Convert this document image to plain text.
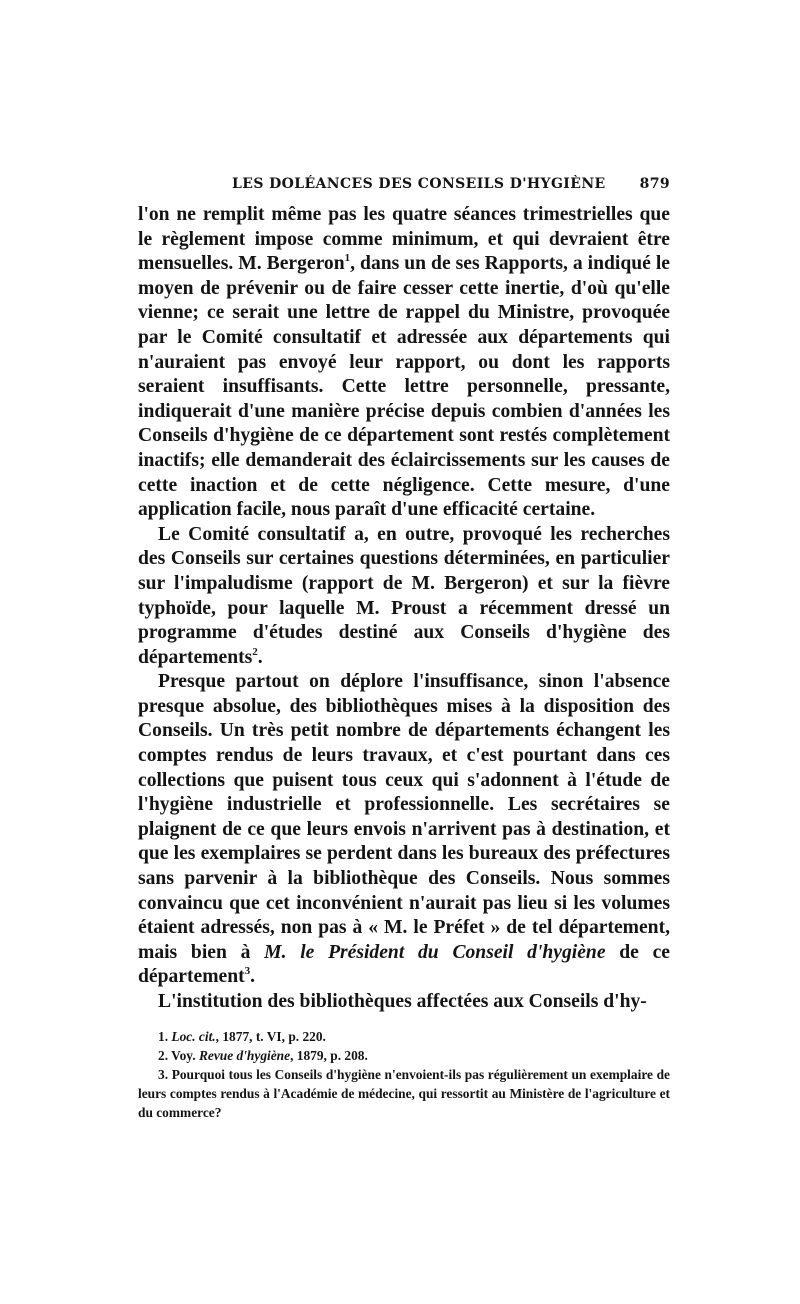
LES DOLÉANCES DES CONSEILS D'HYGIÈNE 879

l'on ne remplit même pas les quatre séances trimestrielles que le règlement impose comme minimum, et qui devraient être mensuelles. M. Bergeron$^1$, dans un de ses Rapports, a indiqué le moyen de prévenir ou de faire cesser cette inertie, d'où qu'elle vienne; ce serait une lettre de rappel du Ministre, provoquée par le Comité consultatif et adressée aux départements qui n'auraient pas envoyé leur rapport, ou dont les rapports seraient insuffisants. Cette lettre personnelle, pressante, indiquerait d'une manière précise depuis combien d'années les Conseils d'hygiène de ce département sont restés complètement inactifs; elle demanderait des éclaircissements sur les causes de cette inaction et de cette négligence. Cette mesure, d'une application facile, nous paraît d'une efficacité certaine.

Le Comité consultatif a, en outre, provoqué les recherches des Conseils sur certaines questions déterminées, en particulier sur l'impaludisme (rapport de M. Bergeron) et sur la fièvre typhoïde, pour laquelle M. Proust a récemment dressé un programme d'études destiné aux Conseils d'hygiène des départements$^2$.

Presque partout on déplore l'insuffisance, sinon l'absence presque absolue, des bibliothèques mises à la disposition des Conseils. Un très petit nombre de départements échangent les comptes rendus de leurs travaux, et c'est pourtant dans ces collections que puisent tous ceux qui s'adonnent à l'étude de l'hygiène industrielle et professionnelle. Les secrétaires se plaignent de ce que leurs envois n'arrivent pas à destination, et que les exemplaires se perdent dans les bureaux des préfectures sans parvenir à la bibliothèque des Conseils. Nous sommes convaincu que cet inconvénient n'aurait pas lieu si les volumes étaient adressés, non pas à « M. le Préfet » de tel département, mais bien à M. le Président du Conseil d'hygiène de ce département$^3$.

L'institution des bibliothèques affectées aux Conseils d'hy-

1. Loc. cit., 1877, t. VI, p. 220.

2. Voy. Revue d'hygiène, 1879, p. 208.

3. Pourquoi tous les Conseils d'hygiène n'envoient-ils pas régulièrement un exemplaire de leurs comptes rendus à l'Académie de médecine, qui ressortit au Ministère de l'agriculture et du commerce?
